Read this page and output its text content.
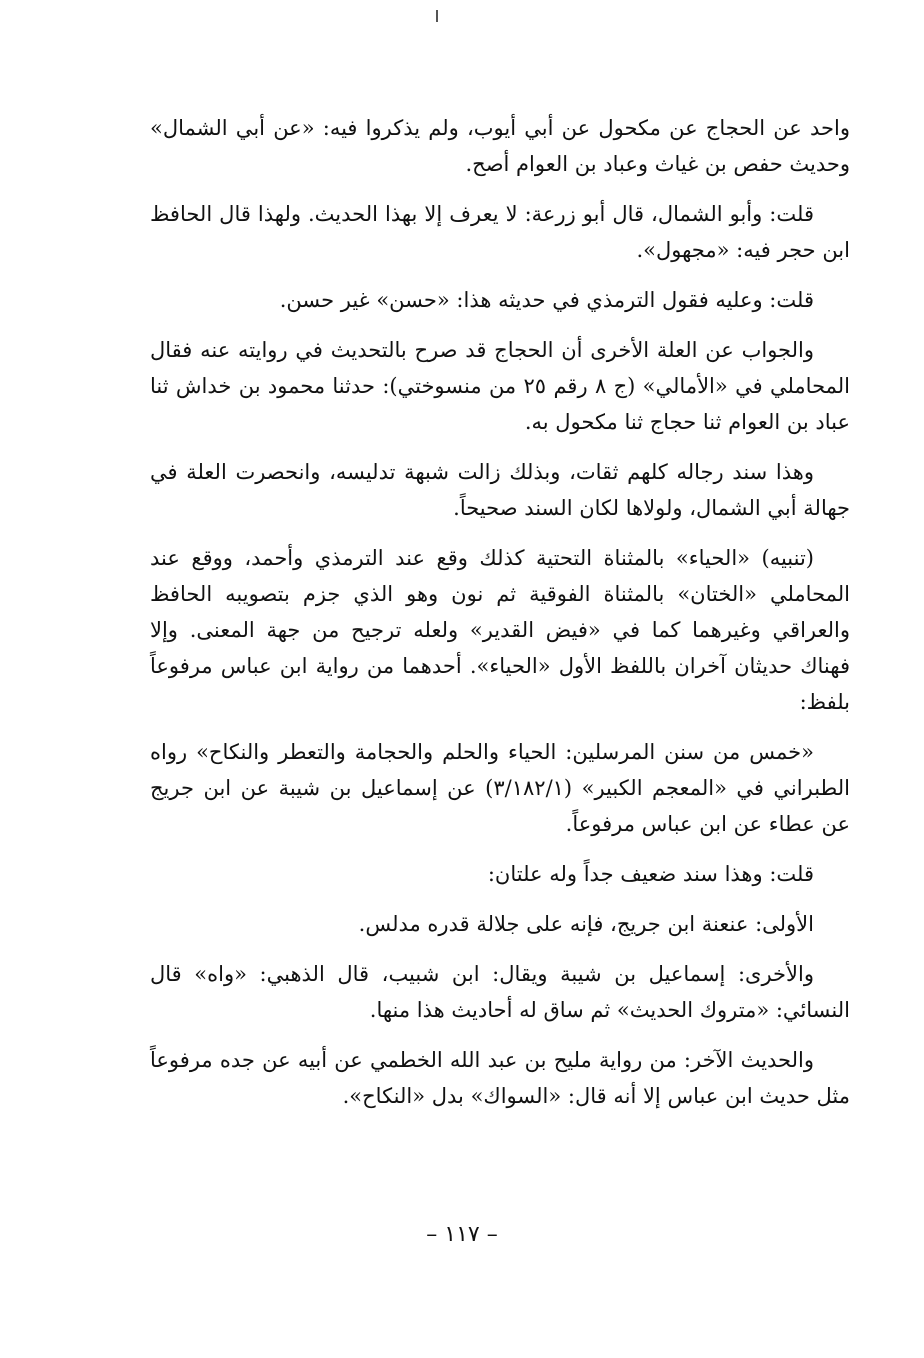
واحد عن الحجاج عن مكحول عن أبي أيوب، ولم يذكروا فيه: «عن أبي الشمال» وحديث حفص بن غياث وعباد بن العوام أصح.

قلت: وأبو الشمال، قال أبو زرعة: لا يعرف إلا بهذا الحديث. ولهذا قال الحافظ ابن حجر فيه: «مجهول».

قلت: وعليه فقول الترمذي في حديثه هذا: «حسن» غير حسن.

والجواب عن العلة الأخرى أن الحجاج قد صرح بالتحديث في روايته عنه فقال المحاملي في «الأمالي» (ج ٨ رقم ٢٥ من منسوختي): حدثنا محمود بن خداش ثنا عباد بن العوام ثنا حجاج ثنا مكحول به.

وهذا سند رجاله كلهم ثقات، وبذلك زالت شبهة تدليسه، وانحصرت العلة في جهالة أبي الشمال، ولولاها لكان السند صحيحاً.

(تنبيه) «الحياء» بالمثناة التحتية كذلك وقع عند الترمذي وأحمد، ووقع عند المحاملي «الختان» بالمثناة الفوقية ثم نون وهو الذي جزم بتصويبه الحافظ والعراقي وغيرهما كما في «فيض القدير» ولعله ترجيح من جهة المعنى. وإلا فهناك حديثان آخران باللفظ الأول «الحياء». أحدهما من رواية ابن عباس مرفوعاً بلفظ:

«خمس من سنن المرسلين: الحياء والحلم والحجامة والتعطر والنكاح» رواه الطبراني في «المعجم الكبير» (٣/١٨٢/١) عن إسماعيل بن شيبة عن ابن جريج عن عطاء عن ابن عباس مرفوعاً.

قلت: وهذا سند ضعيف جداً وله علتان:

الأولى: عنعنة ابن جريج، فإنه على جلالة قدره مدلس.

والأخرى: إسماعيل بن شيبة ويقال: ابن شبيب، قال الذهبي: «واه» قال النسائي: «متروك الحديث» ثم ساق له أحاديث هذا منها.

والحديث الآخر: من رواية مليح بن عبد الله الخطمي عن أبيه عن جده مرفوعاً مثل حديث ابن عباس إلا أنه قال: «السواك» بدل «النكاح».

– ١١٧ –
